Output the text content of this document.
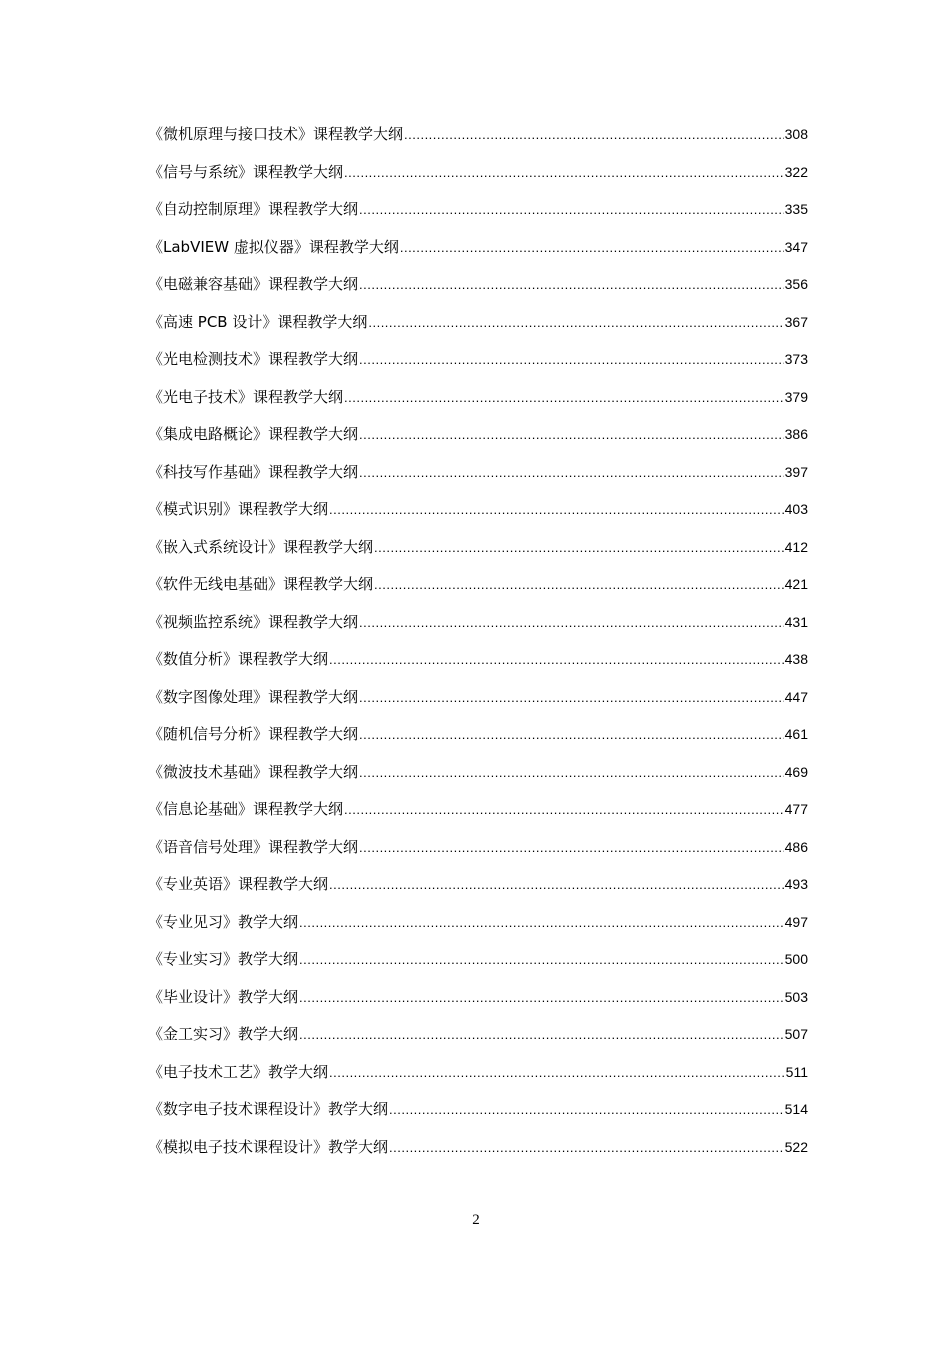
《微机原理与接口技术》课程教学大纲 .....	308
《信号与系统》课程教学大纲 .....	322
《自动控制原理》课程教学大纲 .....	335
《LabVIEW 虚拟仪器》课程教学大纲 .....	347
《电磁兼容基础》课程教学大纲 .....	356
《高速 PCB 设计》课程教学大纲 .....	367
《光电检测技术》课程教学大纲 .....	373
《光电子技术》课程教学大纲 .....	379
《集成电路概论》课程教学大纲 .....	386
《科技写作基础》课程教学大纲 .....	397
《模式识别》课程教学大纲 .....	403
《嵌入式系统设计》课程教学大纲 .....	412
《软件无线电基础》课程教学大纲 .....	421
《视频监控系统》课程教学大纲 .....	431
《数值分析》课程教学大纲 .....	438
《数字图像处理》课程教学大纲 .....	447
《随机信号分析》课程教学大纲 .....	461
《微波技术基础》课程教学大纲 .....	469
《信息论基础》课程教学大纲 .....	477
《语音信号处理》课程教学大纲 .....	486
《专业英语》课程教学大纲 .....	493
《专业见习》教学大纲 .....	497
《专业实习》教学大纲 .....	500
《毕业设计》教学大纲 .....	503
《金工实习》教学大纲 .....	507
《电子技术工艺》教学大纲 .....	511
《数字电子技术课程设计》教学大纲 .....	514
《模拟电子技术课程设计》教学大纲 .....	522
2
